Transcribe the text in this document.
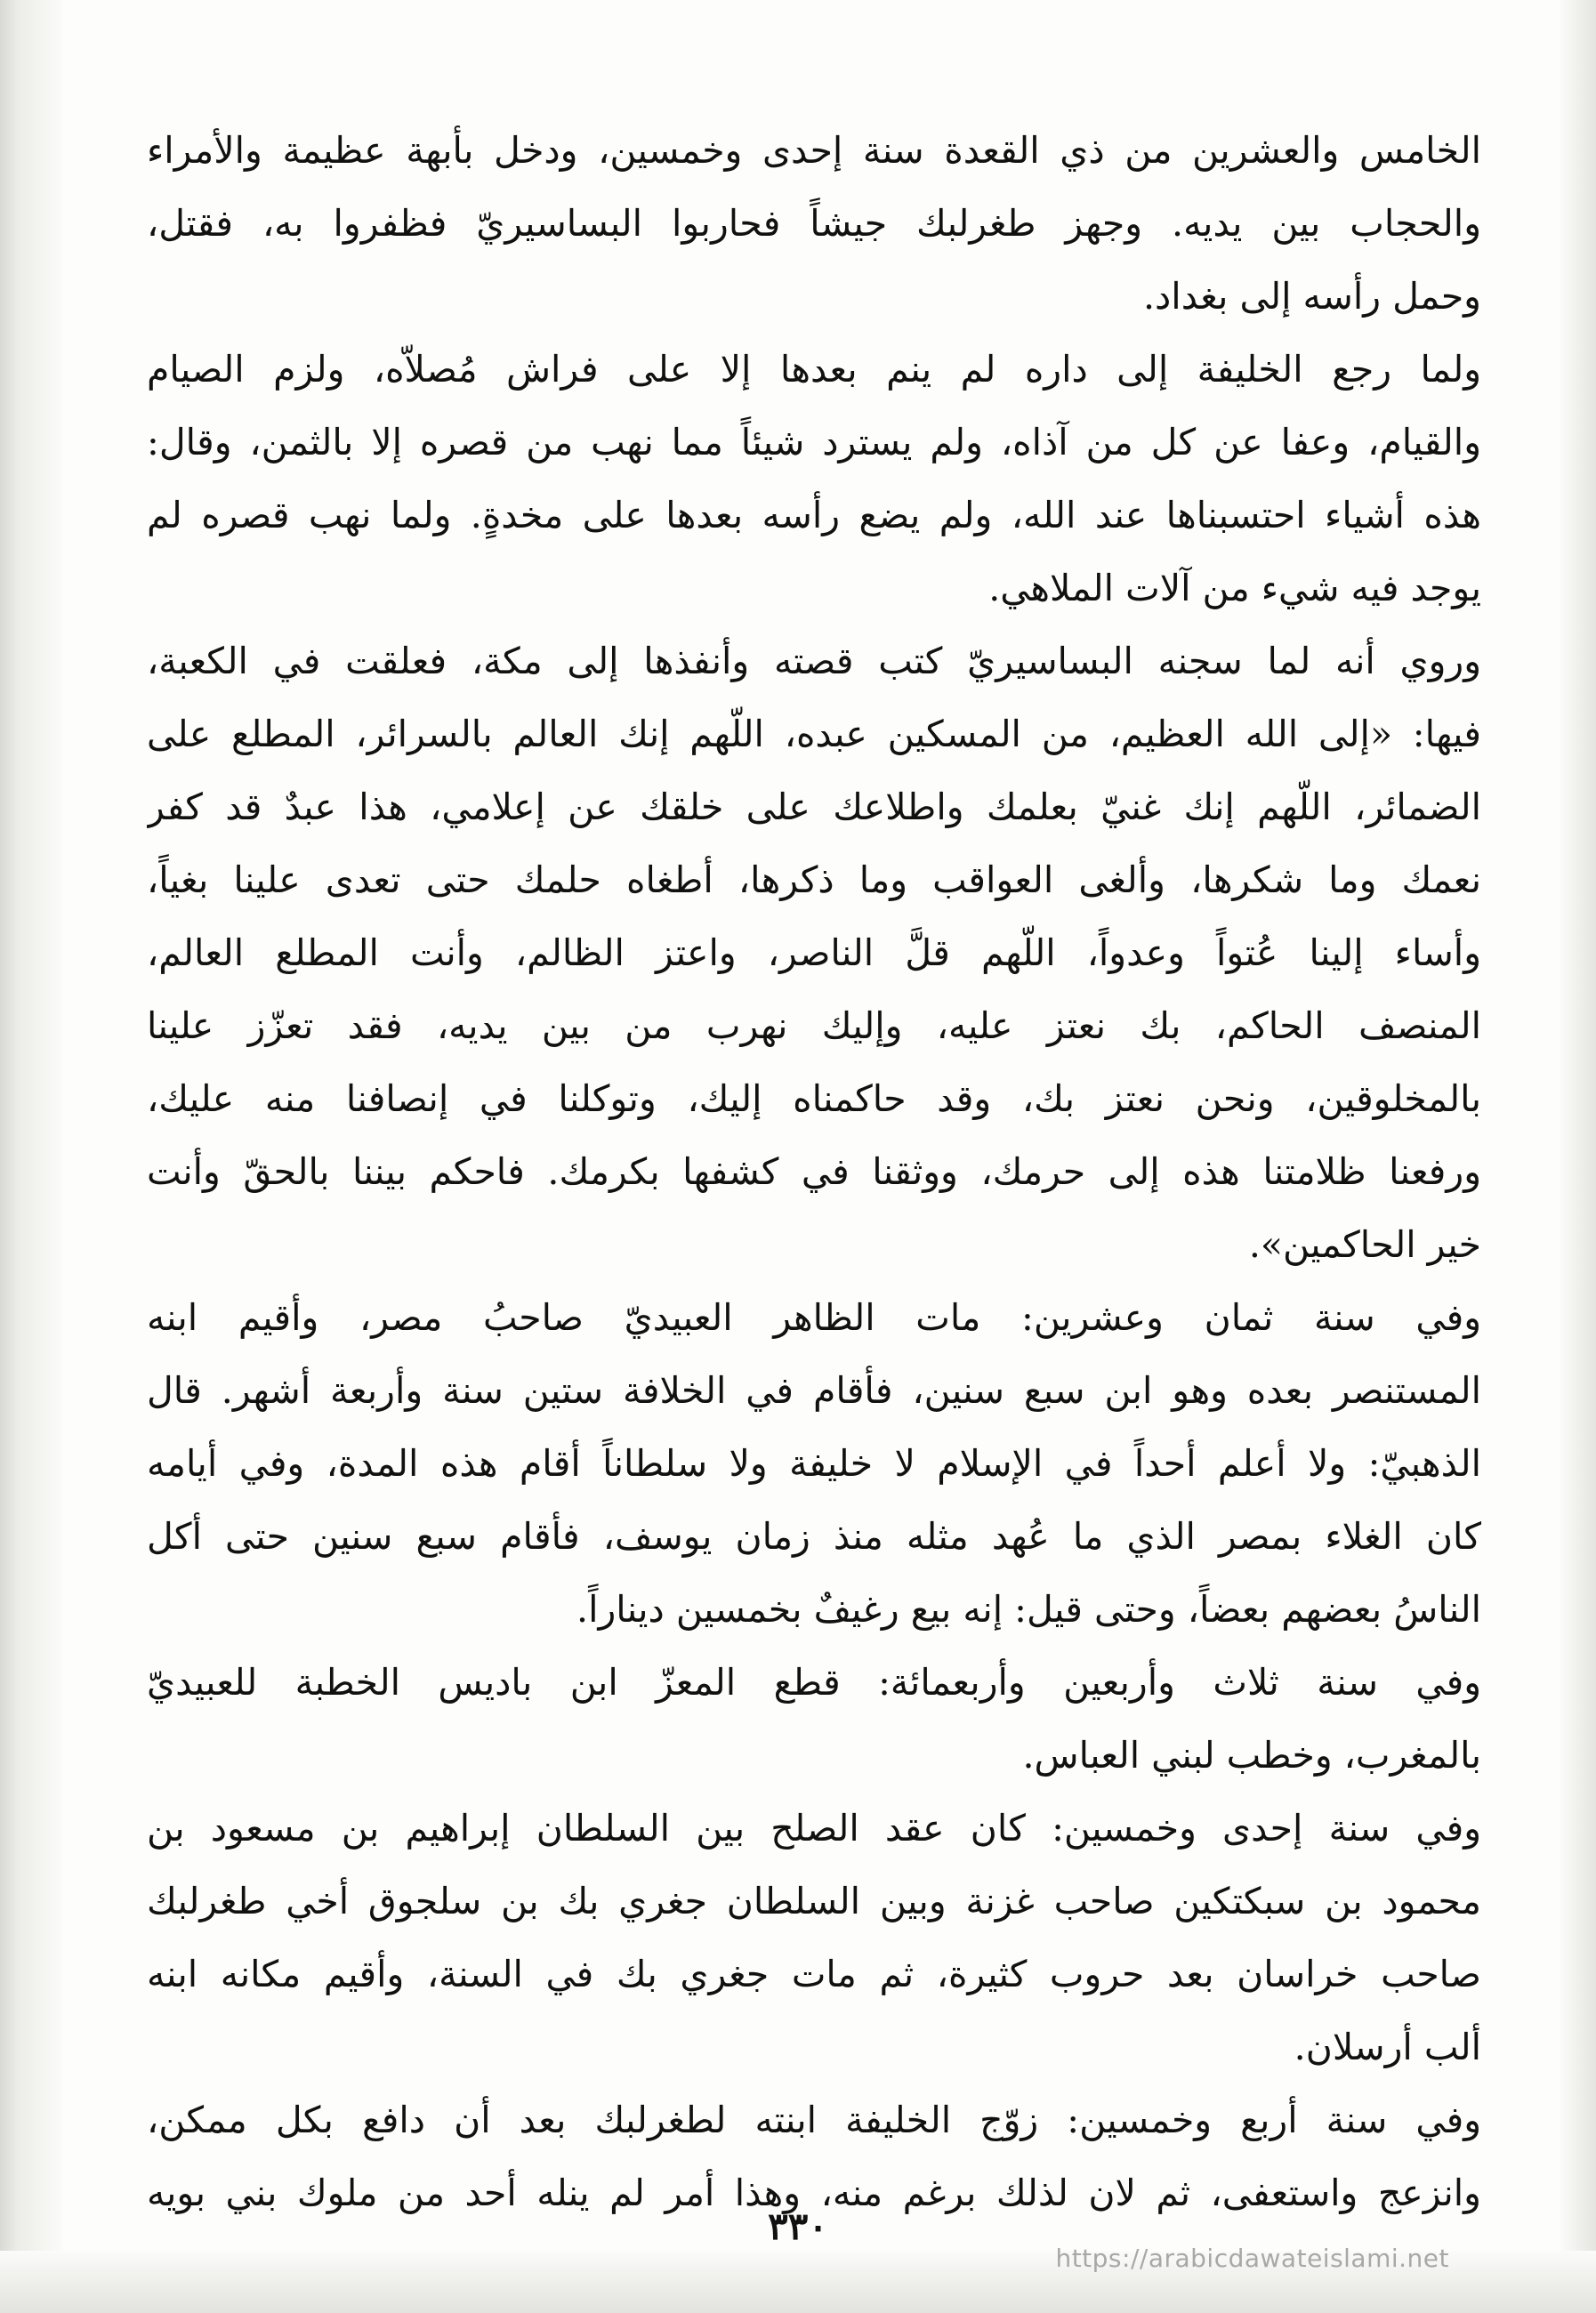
الخامس والعشرين من ذي القعدة سنة إحدى وخمسين، ودخل بأبهة عظيمة والأمراء
والحجاب بين يديه. وجهز طغرلبك جيشاً فحاربوا البساسيريّ فظفروا به، فقتل،
وحمل رأسه إلى بغداد.
ولما رجع الخليفة إلى داره لم ينم بعدها إلا على فراش مُصلاّه، ولزم الصيام
والقيام، وعفا عن كل من آذاه، ولم يسترد شيئاً مما نهب من قصره إلا بالثمن، وقال:
هذه أشياء احتسبناها عند الله، ولم يضع رأسه بعدها على مخدةٍ. ولما نهب قصره لم
يوجد فيه شيء من آلات الملاهي.
وروي أنه لما سجنه البساسيريّ كتب قصته وأنفذها إلى مكة، فعلقت في الكعبة،
فيها: «إلى الله العظيم، من المسكين عبده، اللّهم إنك العالم بالسرائر، المطلع على
الضمائر، اللّهم إنك غنيّ بعلمك واطلاعك على خلقك عن إعلامي، هذا عبدٌ قد كفر
نعمك وما شكرها، وألغى العواقب وما ذكرها، أطغاه حلمك حتى تعدى علينا بغياً،
وأساء إلينا عُتواً وعدواً، اللّهم قلَّ الناصر، واعتز الظالم، وأنت المطلع العالم،
المنصف الحاكم، بك نعتز عليه، وإليك نهرب من بين يديه، فقد تعزّز علينا
بالمخلوقين، ونحن نعتز بك، وقد حاكمناه إليك، وتوكلنا في إنصافنا منه عليك،
ورفعنا ظلامتنا هذه إلى حرمك، ووثقنا في كشفها بكرمك. فاحكم بيننا بالحقّ وأنت
خير الحاكمين».
وفي سنة ثمان وعشرين: مات الظاهر العبيديّ صاحبُ مصر، وأقيم ابنه
المستنصر بعده وهو ابن سبع سنين، فأقام في الخلافة ستين سنة وأربعة أشهر. قال
الذهبيّ: ولا أعلم أحداً في الإسلام لا خليفة ولا سلطاناً أقام هذه المدة، وفي أيامه
كان الغلاء بمصر الذي ما عُهد مثله منذ زمان يوسف، فأقام سبع سنين حتى أكل
الناسُ بعضهم بعضاً، وحتى قيل: إنه بيع رغيفٌ بخمسين ديناراً.
وفي سنة ثلاث وأربعين وأربعمائة: قطع المعزّ ابن باديس الخطبة للعبيديّ
بالمغرب، وخطب لبني العباس.
وفي سنة إحدى وخمسين: كان عقد الصلح بين السلطان إبراهيم بن مسعود بن
محمود بن سبكتكين صاحب غزنة وبين السلطان جغري بك بن سلجوق أخي طغرلبك
صاحب خراسان بعد حروب كثيرة، ثم مات جغري بك في السنة، وأقيم مكانه ابنه
ألب أرسلان.
وفي سنة أربع وخمسين: زوّج الخليفة ابنته لطغرلبك بعد أن دافع بكل ممكن،
وانزعج واستعفى، ثم لان لذلك برغم منه، وهذا أمر لم ينله أحد من ملوك بني بويه
٣٣٠
https://arabicdawateislami.net
